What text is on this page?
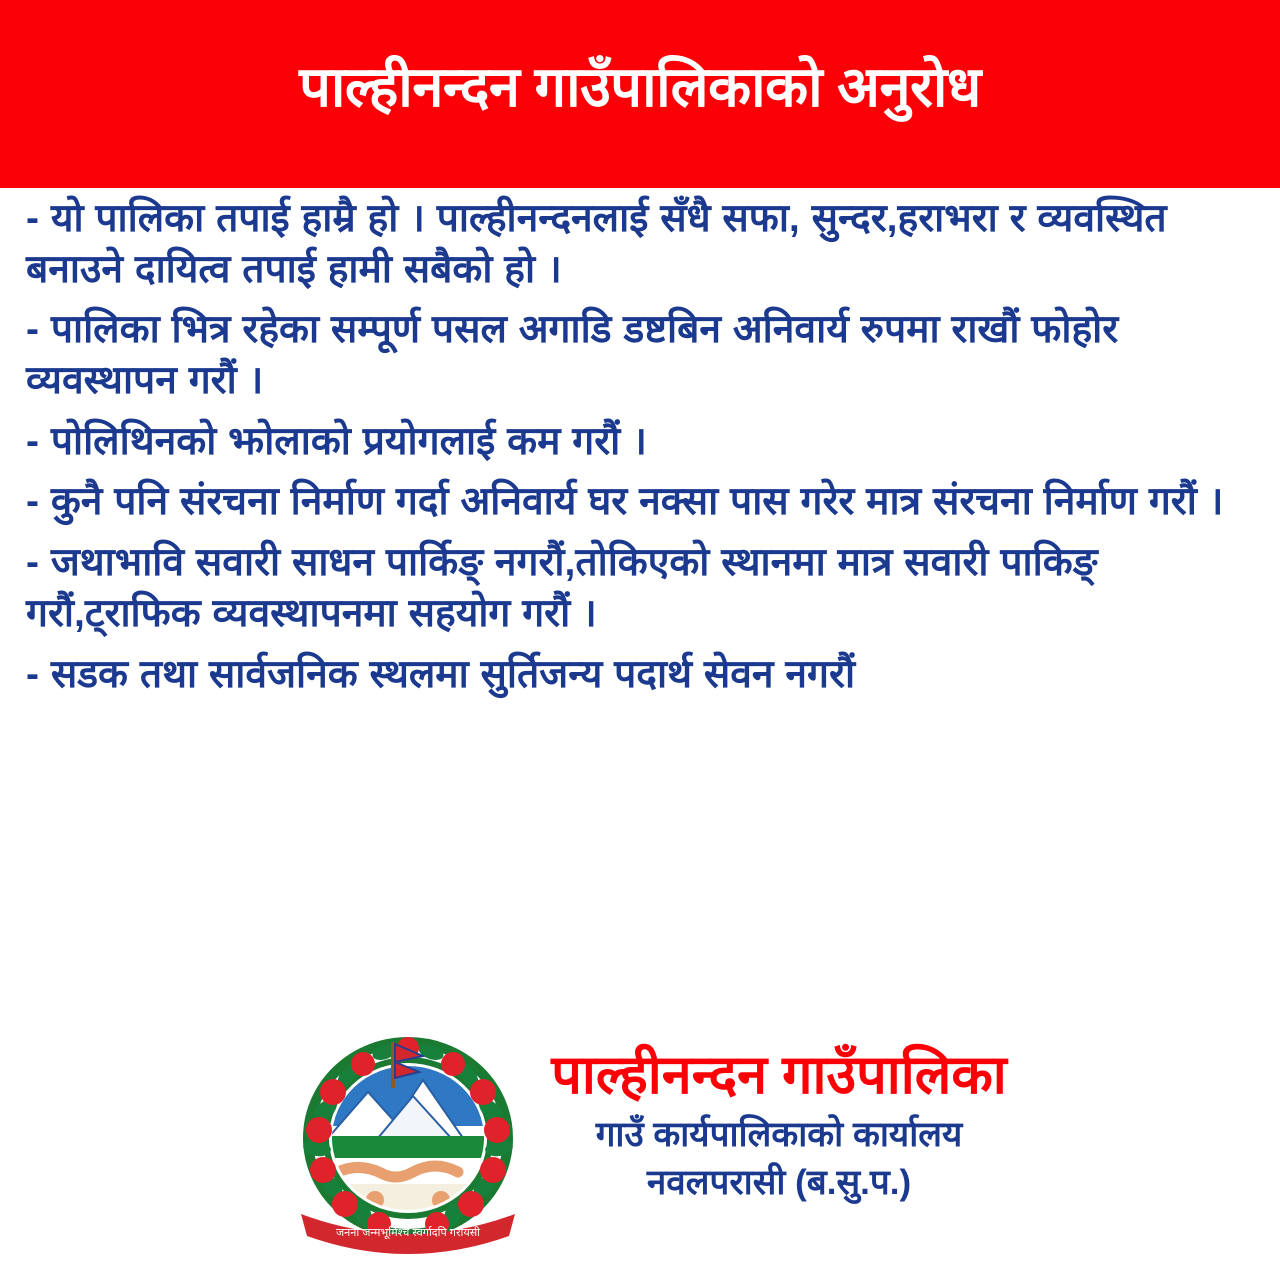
पाल्हीनन्दन गाउँपालिकाको अनुरोध

- यो पालिका तपाई हाम्रै हो । पाल्हीनन्दनलाई सँधै सफा, सुन्दर,हराभरा र व्यवस्थित बनाउने दायित्व तपाई हामी सबैको हो ।

- पालिका भित्र रहेका सम्पूर्ण पसल अगाडि डष्टबिन अनिवार्य रुपमा राखौं फोहोर व्यवस्थापन गरौं ।

- पोलिथिनको झोलाको प्रयोगलाई कम गरौं ।

- कुनै पनि संरचना निर्माण गर्दा अनिवार्य घर नक्सा पास गरेर मात्र संरचना निर्माण गरौं ।

- जथाभावि सवारी साधन पार्किङ् नगरौं,तोकिएको स्थानमा मात्र सवारी पाकिङ् गरौं,ट्राफिक व्यवस्थापनमा सहयोग गरौं ।

- सडक तथा सार्वजनिक स्थलमा सुर्तिजन्य पदार्थ सेवन नगरौं

जननी जन्मभूमिश्च स्वर्गादपि गरीयसी
पाल्हीनन्दन गाउँपालिका
गाउँ कार्यपालिकाको कार्यालय
नवलपरासी (ब.सु.प.)
